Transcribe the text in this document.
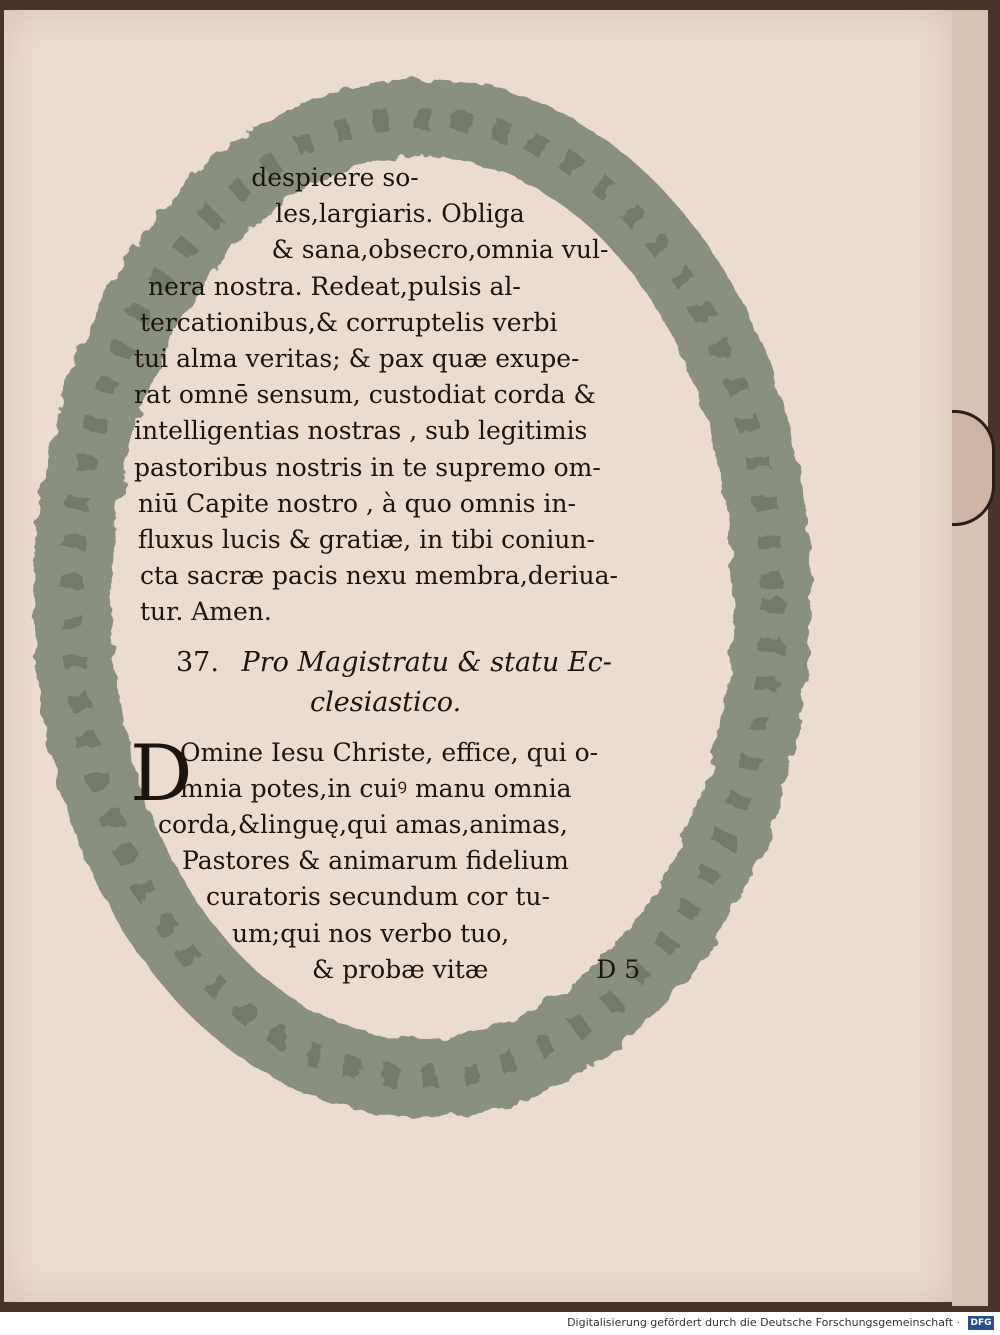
despicere so-
les,largiaris. Obliga
& sana,obsecro,omnia vul-
nera nostra. Redeat,pulsis al-
tercationibus,& corruptelis verbi
tui alma veritas; & pax quæ exupe-
rat omnē sensum, custodiat corda &
intelligentias nostras , sub legitimis
pastoribus nostris in te supremo om-
niū Capite nostro , à quo omnis in-
fluxus lucis & gratiæ, in tibi coniun-
cta sacræ pacis nexu membra,deriua-
tur. Amen.
37. Pro Magistratu & statu Ec-
clesiastico.
D
Omine Iesu Christe, effice, qui o-
mnia potes,in cuiꝰ manu omnia
corda,&linguę,qui amas,animas,
Pastores & animarum fidelium
curatoris secundum cor tu-
um;qui nos verbo tuo,
& probæ vitæ	D 5
Digitalisierung gefördert durch die Deutsche Forschungsgemeinschaft · DFG
